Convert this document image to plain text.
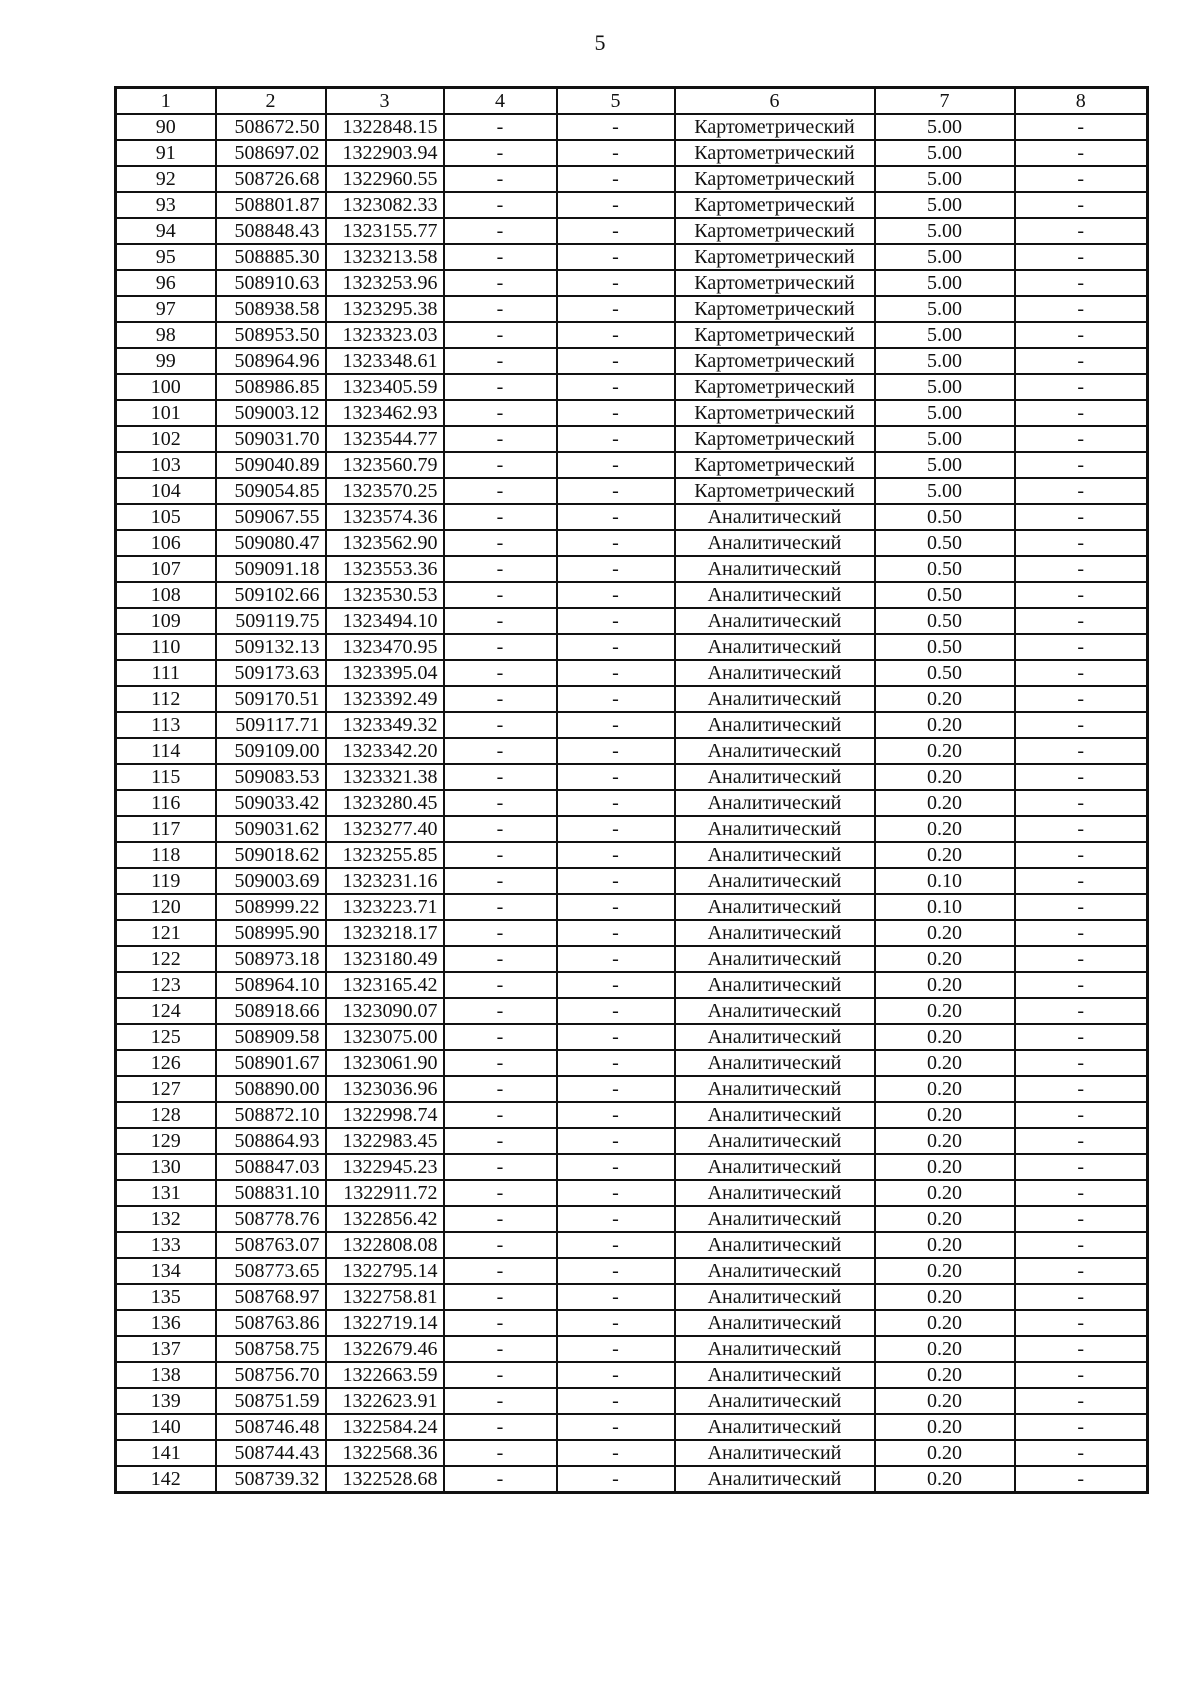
5
1	2	3	4	5	6	7	8
90	508672.50	1322848.15	-	-	Картометрический	5.00	-
91	508697.02	1322903.94	-	-	Картометрический	5.00	-
92	508726.68	1322960.55	-	-	Картометрический	5.00	-
93	508801.87	1323082.33	-	-	Картометрический	5.00	-
94	508848.43	1323155.77	-	-	Картометрический	5.00	-
95	508885.30	1323213.58	-	-	Картометрический	5.00	-
96	508910.63	1323253.96	-	-	Картометрический	5.00	-
97	508938.58	1323295.38	-	-	Картометрический	5.00	-
98	508953.50	1323323.03	-	-	Картометрический	5.00	-
99	508964.96	1323348.61	-	-	Картометрический	5.00	-
100	508986.85	1323405.59	-	-	Картометрический	5.00	-
101	509003.12	1323462.93	-	-	Картометрический	5.00	-
102	509031.70	1323544.77	-	-	Картометрический	5.00	-
103	509040.89	1323560.79	-	-	Картометрический	5.00	-
104	509054.85	1323570.25	-	-	Картометрический	5.00	-
105	509067.55	1323574.36	-	-	Аналитический	0.50	-
106	509080.47	1323562.90	-	-	Аналитический	0.50	-
107	509091.18	1323553.36	-	-	Аналитический	0.50	-
108	509102.66	1323530.53	-	-	Аналитический	0.50	-
109	509119.75	1323494.10	-	-	Аналитический	0.50	-
110	509132.13	1323470.95	-	-	Аналитический	0.50	-
111	509173.63	1323395.04	-	-	Аналитический	0.50	-
112	509170.51	1323392.49	-	-	Аналитический	0.20	-
113	509117.71	1323349.32	-	-	Аналитический	0.20	-
114	509109.00	1323342.20	-	-	Аналитический	0.20	-
115	509083.53	1323321.38	-	-	Аналитический	0.20	-
116	509033.42	1323280.45	-	-	Аналитический	0.20	-
117	509031.62	1323277.40	-	-	Аналитический	0.20	-
118	509018.62	1323255.85	-	-	Аналитический	0.20	-
119	509003.69	1323231.16	-	-	Аналитический	0.10	-
120	508999.22	1323223.71	-	-	Аналитический	0.10	-
121	508995.90	1323218.17	-	-	Аналитический	0.20	-
122	508973.18	1323180.49	-	-	Аналитический	0.20	-
123	508964.10	1323165.42	-	-	Аналитический	0.20	-
124	508918.66	1323090.07	-	-	Аналитический	0.20	-
125	508909.58	1323075.00	-	-	Аналитический	0.20	-
126	508901.67	1323061.90	-	-	Аналитический	0.20	-
127	508890.00	1323036.96	-	-	Аналитический	0.20	-
128	508872.10	1322998.74	-	-	Аналитический	0.20	-
129	508864.93	1322983.45	-	-	Аналитический	0.20	-
130	508847.03	1322945.23	-	-	Аналитический	0.20	-
131	508831.10	1322911.72	-	-	Аналитический	0.20	-
132	508778.76	1322856.42	-	-	Аналитический	0.20	-
133	508763.07	1322808.08	-	-	Аналитический	0.20	-
134	508773.65	1322795.14	-	-	Аналитический	0.20	-
135	508768.97	1322758.81	-	-	Аналитический	0.20	-
136	508763.86	1322719.14	-	-	Аналитический	0.20	-
137	508758.75	1322679.46	-	-	Аналитический	0.20	-
138	508756.70	1322663.59	-	-	Аналитический	0.20	-
139	508751.59	1322623.91	-	-	Аналитический	0.20	-
140	508746.48	1322584.24	-	-	Аналитический	0.20	-
141	508744.43	1322568.36	-	-	Аналитический	0.20	-
142	508739.32	1322528.68	-	-	Аналитический	0.20	-
